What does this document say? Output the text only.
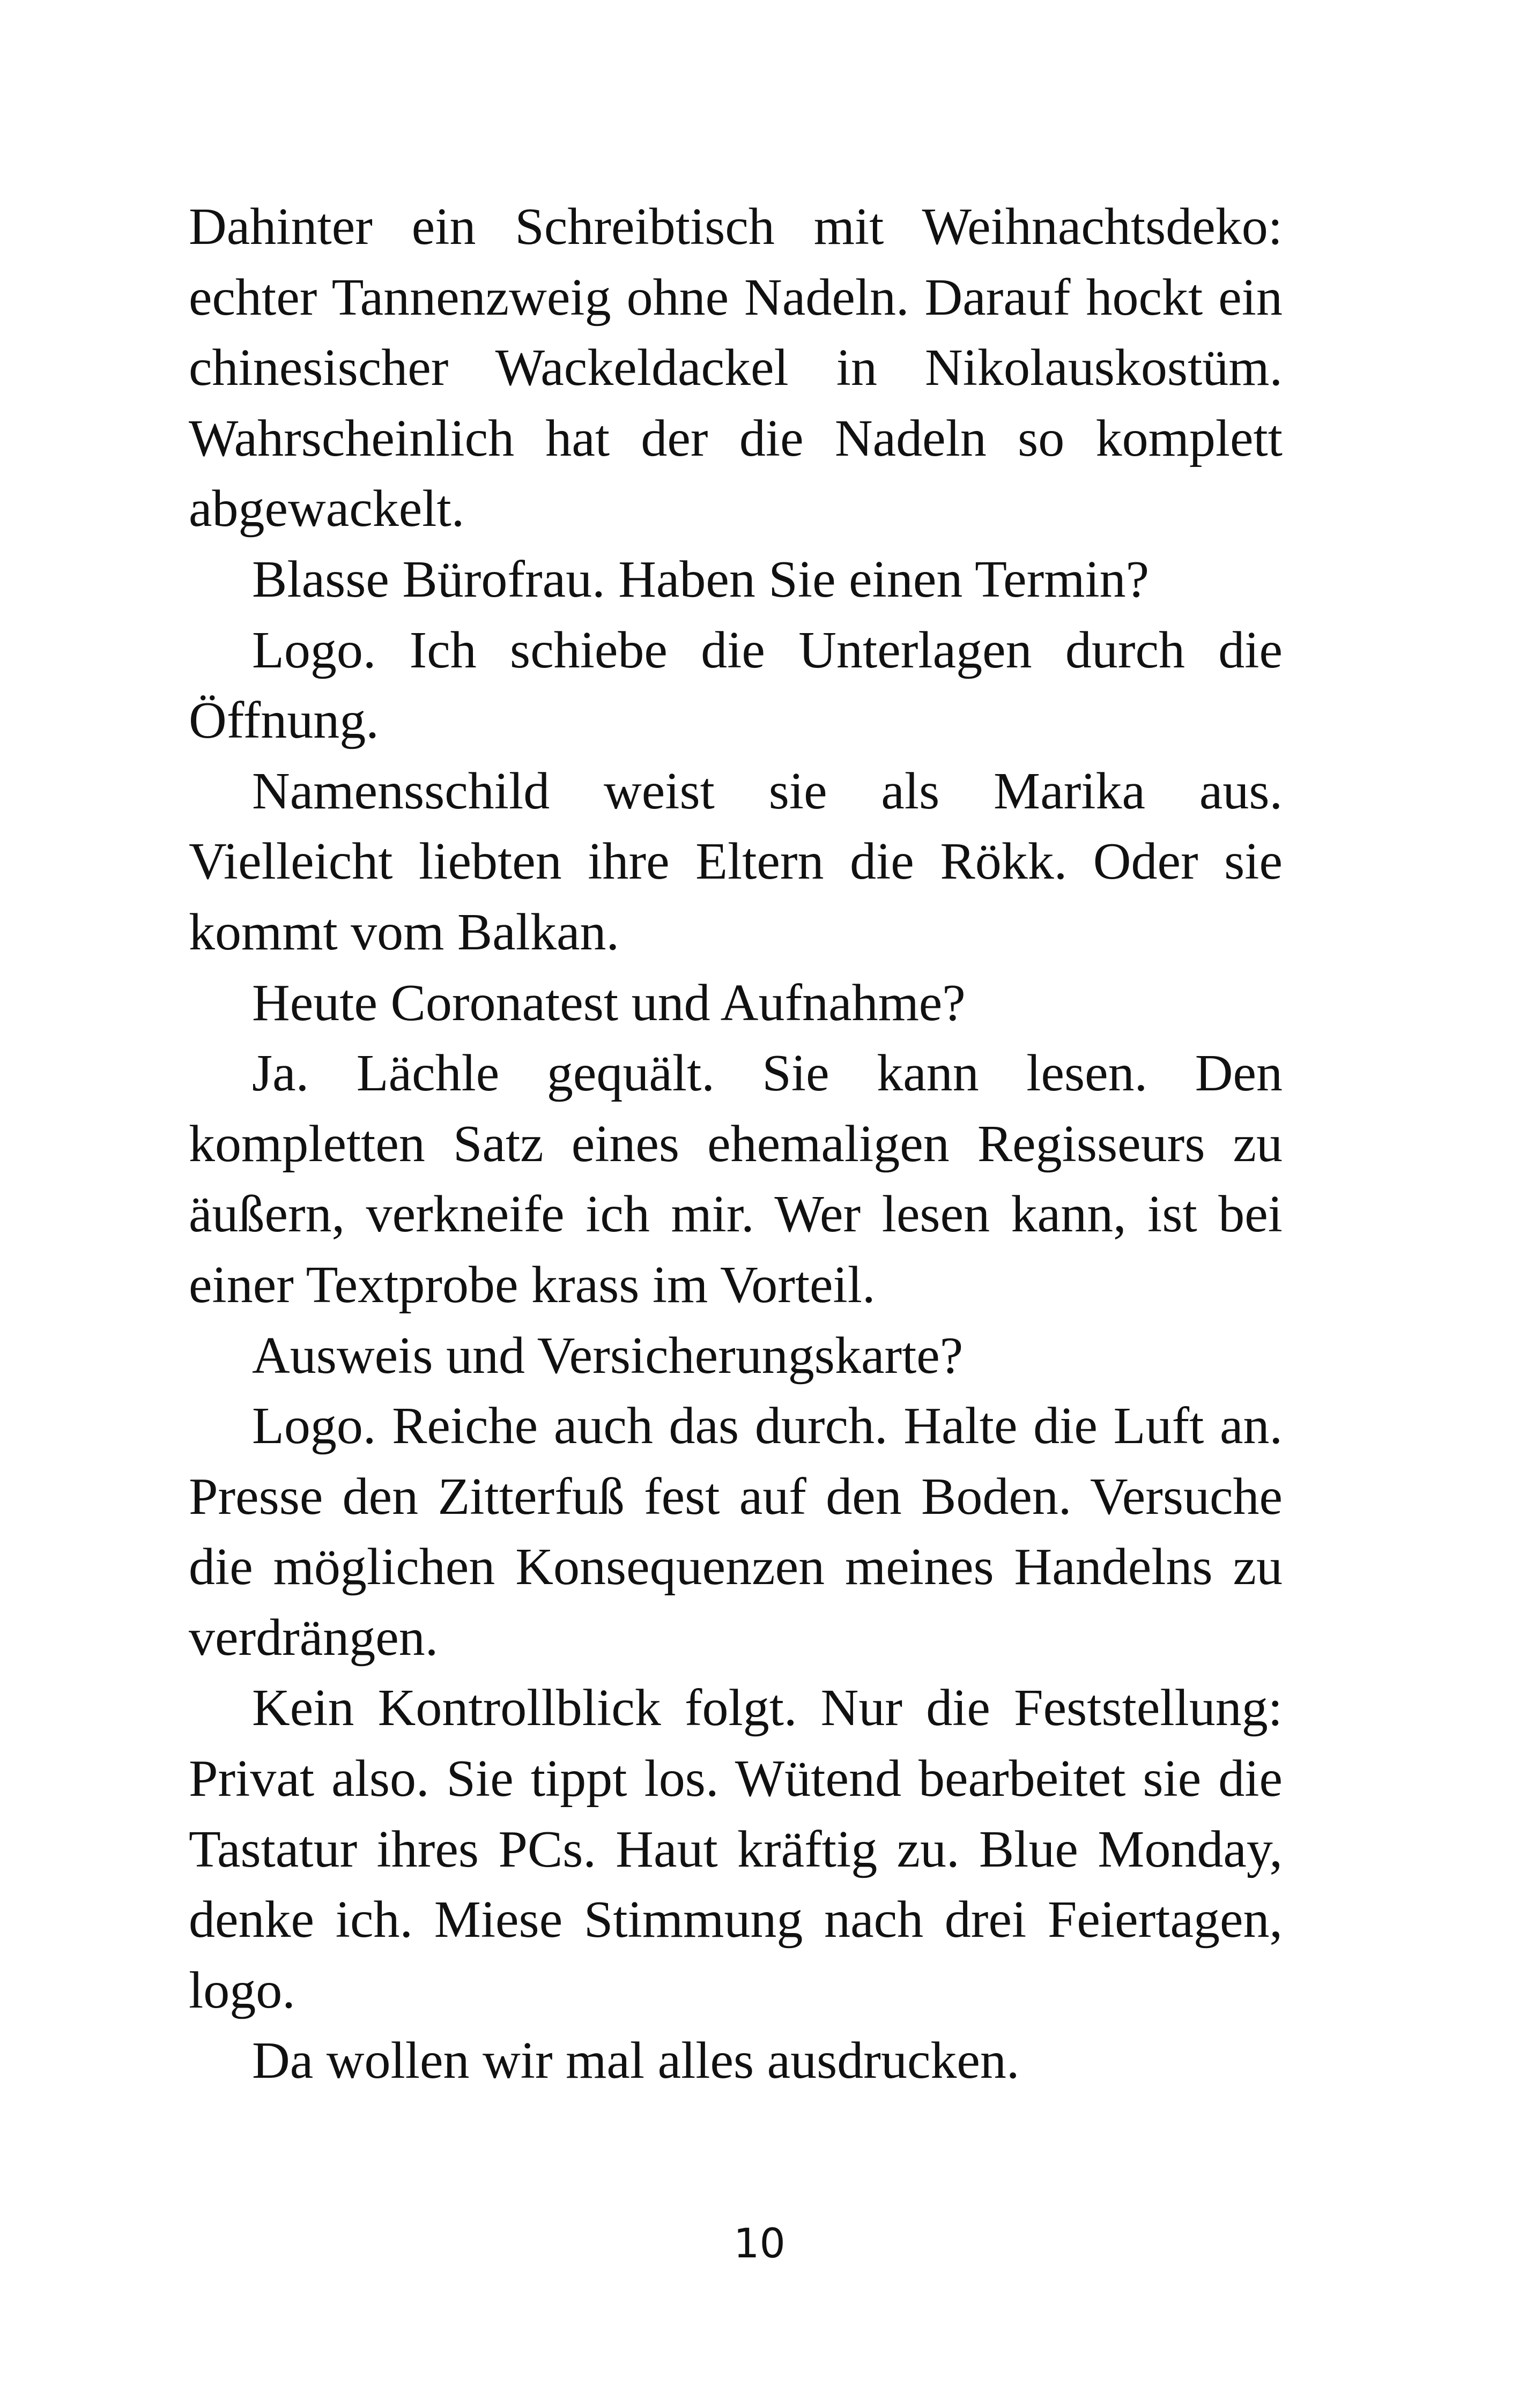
Dahinter ein Schreibtisch mit Weihnachtsdeko: echter Tannenzweig ohne Nadeln. Darauf hockt ein chinesischer Wackeldackel in Nikolauskostüm. Wahrscheinlich hat der die Nadeln so komplett abgewackelt.

Blasse Bürofrau. Haben Sie einen Termin?

Logo. Ich schiebe die Unterlagen durch die Öffnung.

Namensschild weist sie als Marika aus. Vielleicht liebten ihre Eltern die Rökk. Oder sie kommt vom Balkan.

Heute Coronatest und Aufnahme?

Ja. Lächle gequält. Sie kann lesen. Den kompletten Satz eines ehemaligen Regisseurs zu äußern, verkneife ich mir. Wer lesen kann, ist bei einer Textprobe krass im Vorteil.

Ausweis und Versicherungskarte?

Logo. Reiche auch das durch. Halte die Luft an. Presse den Zitterfuß fest auf den Boden. Versuche die möglichen Konsequenzen meines Handelns zu verdrängen.

Kein Kontrollblick folgt. Nur die Feststellung: Privat also. Sie tippt los. Wütend bearbeitet sie die Tastatur ihres PCs. Haut kräftig zu. Blue Monday, denke ich. Miese Stimmung nach drei Feiertagen, logo.

Da wollen wir mal alles ausdrucken.

10
